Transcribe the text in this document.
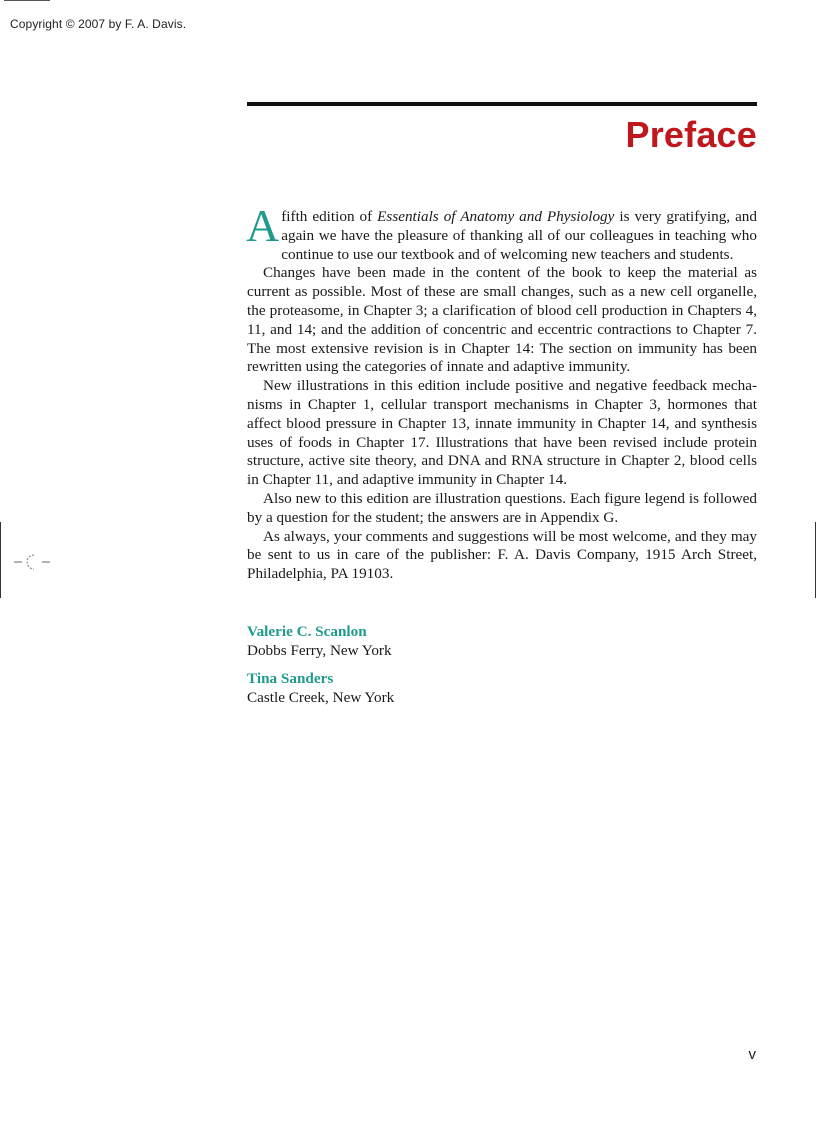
Copyright © 2007 by F. A. Davis.
Preface

A fifth edition of Essentials of Anatomy and Physiology is very gratifying, and again we have the pleasure of thanking all of our colleagues in teaching who continue to use our textbook and of welcoming new teachers and students.

Changes have been made in the content of the book to keep the material as current as possible. Most of these are small changes, such as a new cell organelle, the proteasome, in Chapter 3; a clarification of blood cell production in Chapters 4, 11, and 14; and the addition of concentric and eccentric contractions to Chapter 7. The most extensive revision is in Chapter 14: The section on immunity has been rewritten using the categories of innate and adaptive immunity.

New illustrations in this edition include positive and negative feedback mechanisms in Chapter 1, cellular transport mechanisms in Chapter 3, hormones that affect blood pressure in Chapter 13, innate immunity in Chapter 14, and synthesis uses of foods in Chapter 17. Illustrations that have been revised include protein structure, active site theory, and DNA and RNA structure in Chapter 2, blood cells in Chapter 11, and adaptive immunity in Chapter 14.

Also new to this edition are illustration questions. Each figure legend is followed by a question for the student; the answers are in Appendix G.

As always, your comments and suggestions will be most welcome, and they may be sent to us in care of the publisher: F. A. Davis Company, 1915 Arch Street, Philadelphia, PA 19103.

Valerie C. Scanlon
Dobbs Ferry, New York
Tina Sanders
Castle Creek, New York
v
